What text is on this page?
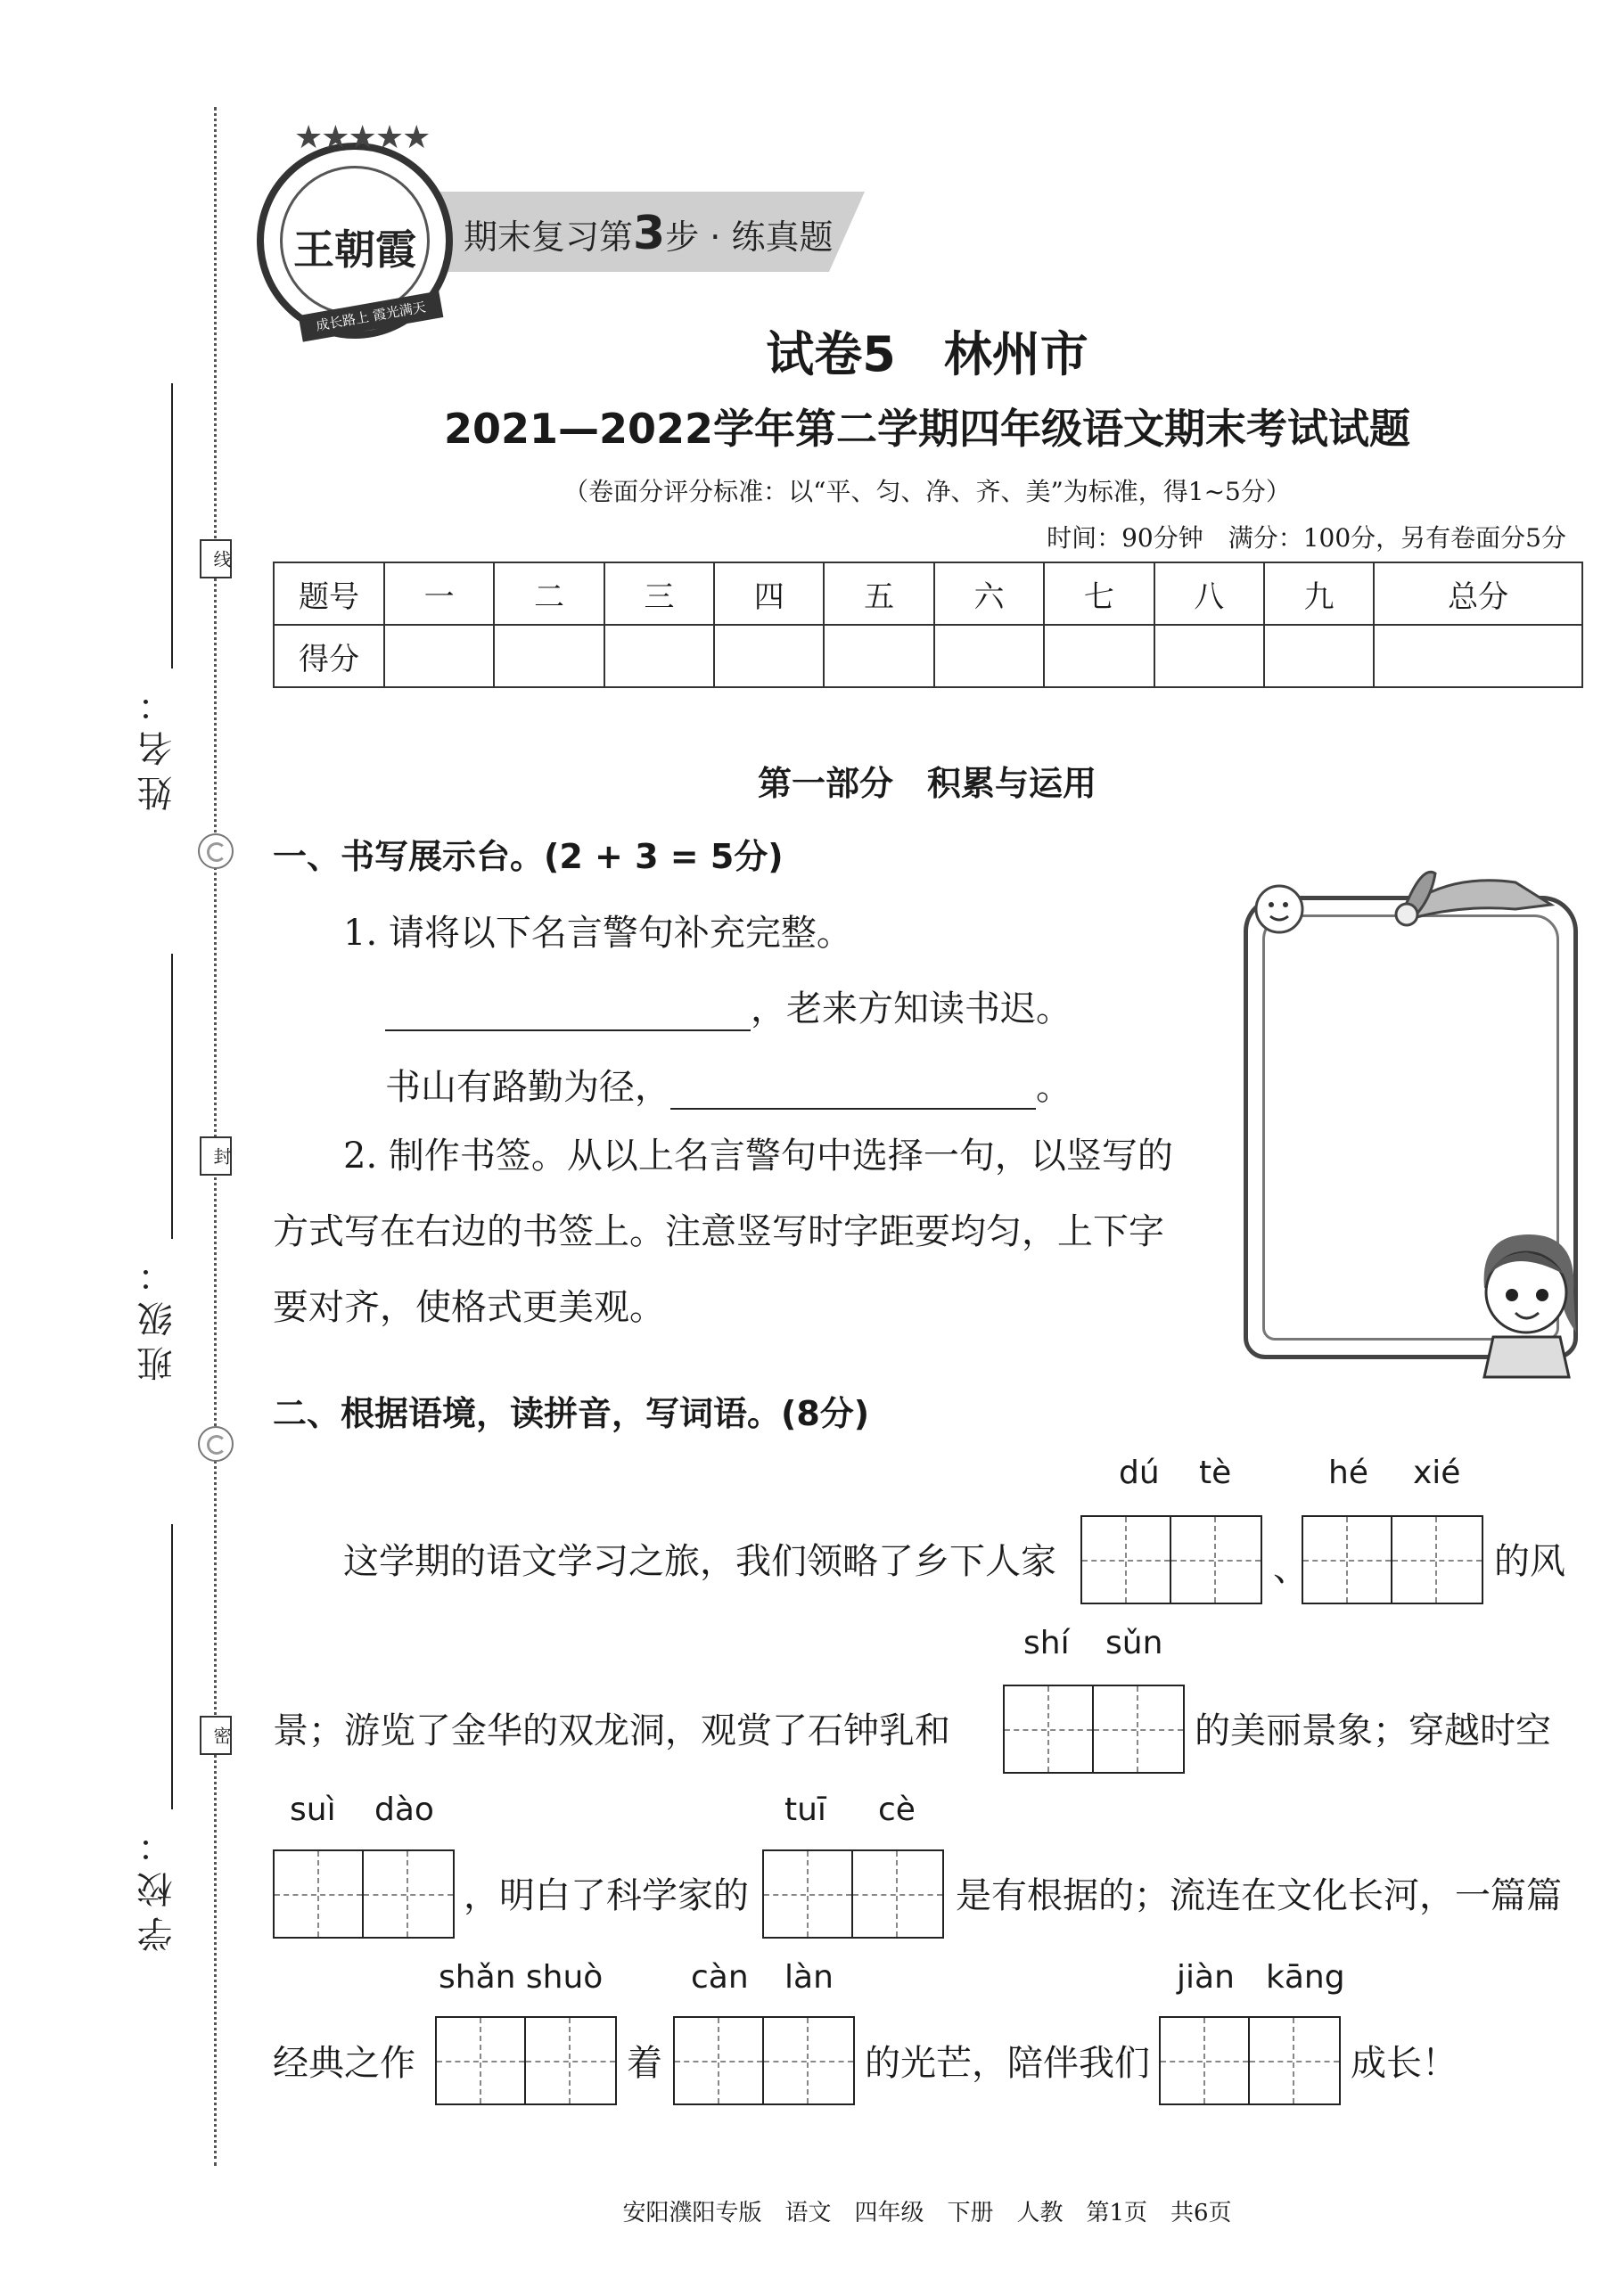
姓名：
班级：
学校：
线
封
密
期末复习第3步 · 练真题
★★★★★
王朝霞
成长路上 霞光满天
试卷5　林州市
2021—2022学年第二学期四年级语文期末考试试题
（卷面分评分标准：以“平、匀、净、齐、美”为标准，得1~5分）
时间：90分钟　满分：100分，另有卷面分5分
题号	一	二	三	四	五	六	七	八	九	总分
得分										
第一部分　积累与运用
一、书写展示台。(2 + 3 = 5分)
1. 请将以下名言警句补充完整。
，老来方知读书迟。
书山有路勤为径，	。
2. 制作书签。从以上名言警句中选择一句，以竖写的
方式写在右边的书签上。注意竖写时字距要均匀，上下字
要对齐，使格式更美观。
二、根据语境，读拼音，写词语。(8分)
dú tè	hé xié
这学期的语文学习之旅，我们领略了乡下人家	、	的风
shí sǔn
景；游览了金华的双龙洞，观赏了石钟乳和	的美丽景象；穿越时空
suì dào	tuī cè
，明白了科学家的	是有根据的；流连在文化长河，一篇篇
shǎn shuò	càn làn	jiàn kāng
经典之作	着	的光芒，陪伴我们	成长！
安阳濮阳专版　语文　四年级　下册　人教　第1页　共6页
